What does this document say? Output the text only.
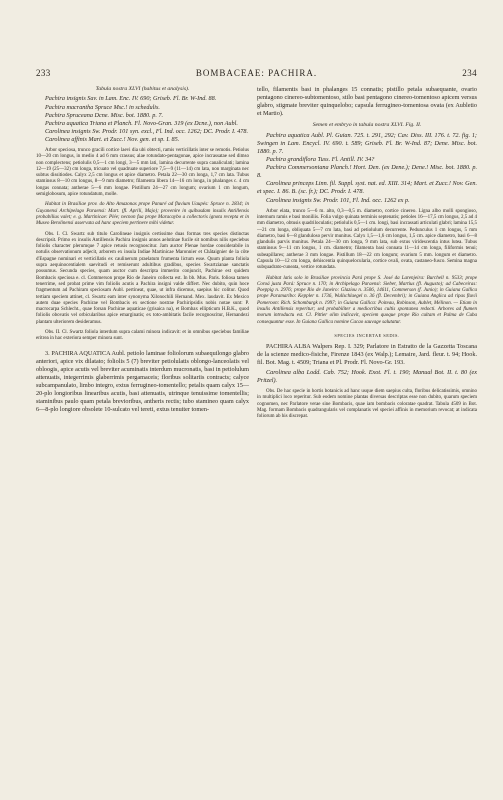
233	BOMBACEAE: PACHIRA.	234

Tabula nostra XLVI (habitus et analysis).

Pachira insignis Sav. in Lam. Enc. IV. 690; Griseb. Fl. Br. W-Ind. 88.

Pachira macrantha Spruce Msc.! in schedulis.

Pachira Spruceana Dcne. Misc. bot. 1880. p. 7.

Pachira aquatica Triana et Planch. Fl. Novo-Gran. 319 (ex Dcne.), non Aubl.

Carolinea insignis Sw. Prodr. 101 syn. excl., Fl. Ind. occ. 1262; DC. Prodr. I. 478.

Carolinea affinis Mart. et Zucc.! Nov. gen. et sp. I. 85.

Arbor speciosa, trunco gracili cortice laevi dia ubi obtecti, ramis verticillatis inter se remotis. Petiolus 10—20 cm longus, in medio 4 ad 6 mm crassus; alae rotundato-pentagonae, apice incrassatae sed dimso non complectens; petiolulis 0,5—1 cm longi, 3—5 mm lati, lamina decurrente supra canaliculati; lamina 12—19 (25—32) cm longa, tricuato vel quadruate superiore 7,5—9 (11—14) cm lata, non marginata nec subtus dissitiodes. Calyx 2,5 cm longus et apice diametro. Petala 22—30 cm longa, 1,7 cm lata. Tubus staminsus 8—10 cm longus, 8—9 mm diametro; filamenta libera 14—16 cm longa, in phalanges c. 4 cm longas connata; antherae 5—6 mm longae. Pistillum 24—27 cm longum; ovarium 1 cm longum, semiglobosum, apice rotundatum, molle.

Habitat in Brasiliae prov. do Alto Amazonas prope Panuré ad fluvium Uaupés: Spruce n. 2834; in Guyanensi Archipelago Paraensi: Mart. (fl. Aprili, Majo); provenire in quibusdam insulis Antillensis probabilius valet; e. g. Martinicae: Plée; necnon fua prope Maracaybo a collectoris ignota recepta et in Museo Berolinensi asservata ad hanc speciem pertinere mihi videtur.

Obs. I. Cl. Swartz sub titulo Carolineae insignis certissime duas formas tres species distinctas descripsit. Primo ex insulis Antillensis Pachira insignis annos aelutinae fucile sit nomibus nilis speciebus foliolis character plerumque 7 apice retusis recognoscitur. Jam auctor Plenae hordae considerabile in notulis observationum adjecit, arborem ex insula Indiae Martinicae Maronnier et Châtaignier de la côte d'Espagne nominari et verticillatis ex caulinerum praelatum frumenta lictum esse. Quum planta foliola supra aequinocentialem saevitudi et remiserunt adultibus gradibus, species Swartzianae sanctatis possumus. Secunda species, quam auctor cum descripta immerito conjuncit, Pachirae est quidem Bombacis speciosa e. cl. Commerson prope Rio de Janeiro collecta est. In bb. Mus. Paris. foliosa tamen tenerrime, sed probat prime vim foliolis acutis a Pachira insigni valde differt. Nec dubito, quin hoce fragmentum ad Pachiram speciosam Aubl. pertineat, quae, ut infra dicemus, saepius hic colitur. Quod tertiam speciem attinet, cl. Swartz eam inter synonyma Xilonochili Hernand. Mex. laudavit. Ex Mexico autem duae species Pachirae vel Bombacis ex sectione nostrae Pachiripsidis nobis notae sunt: P. macrocarpa Schlecht., quae forsan Pachirae aquaticae (grisaica na), et Bombax ellipticum H.B.K., quod foliolis obovatis vel orbicularibus apice emarginatis; ex toto-ambitatis facile recognoscitur, Hernandezi plantam ulteriorem desideramus.

Obs. II. Cl. Swartz foliola interdum supra calami minora indicavit: et in omnibus speciebus familiae eritrea in hac exteriora semper minora sunt.

3. PACHIRA AQUATICA Aubl. petiolo laminae foliolorum subaequilongo glabro anteriori, apice vix dilatato; foliolis 5 (7) breviter petiolulatis oblongo-lanceolatis vel obloogis, apice acutis vel breviter acuminatis interdum mucronatis, basi in petiolulum attenuatis, integerrimis glaberrimis pergamaceis; floribus solitariis contracts; calyce subcampanulato, limbo integro, extus ferrugineo-tomentello; petalis quam calyx 15—20-plo longioribus linearibus acutis, basi attenuatis, utrinque tenuissime tomentellis; staminibus paulo quam petala brevioribus, antheris rectis; tubo stamineo quam calyx 6—8-plo longiore obsolete 10-sulcato vel tereti, extus tenuiter tomen-

tello, filamentis basi in phalanges 15 connatis; pistillo petala subaequante, ovario pentagono cinereo-subtomentoso, stilo basi pentagono cinereo-tomentoso apicem versus glabro, stigmate breviter quinquelobo; capsula ferrugineo-tomentosa ovata (ex Aubletio et Martio).

Semen et embryo in tabula nostra XLVI. Fig. II.

Pachira aquatica Aubl. Pl. Guian. 725. t. 291, 292; Cav. Diss. III. 176. t. 72. fig. 1; Swingen in Lam. Encycl. IV. 690. t. 589; Griseb. Fl. Br. W-Ind. 87; Dene. Misc. bot. 1880. p. 7.

Pachira grandiflora Tuss. Fl. Antill. IV. 34?

Pachira Commersoniana Planch.! Hort. Den. (ex Dene.); Dene.! Misc. bot. 1880. p. 8.

Carolinea princeps Linn. fil. Suppl. syst. nat. ed. XIII. 314; Mart. et Zucc.! Nov. Gen. et spec. I. 86. B. (sc. fr.); DC. Prodr. I. 478.

Carolinea insignis Sw. Prodr. 101, Fl. Ind. occ. 1262 ex p.

Arbor elata, trunco 5—6 m. alto, 0,3—0,5 m. diametro, cortice cinereo. Ligna albo molli spongioso, internum ramis e basi moniliis. Folia vulgo quinata terminis septenatis; petioles 16—17,5 cm longus, 2,5 ad 4 mm diametro, obtusis quadriloculatis; petiolulis 0,5—1 cm. longi, basi incrassati articulati glabri; lamina 15,5—21 cm longa, obliquata 5—7 cm lata, basi ad petiolulum decurrente. Pedunculus 1 cm longus, 5 mm diametro, basi 6—8 glanduloso pervir munitus. Calyx 1,5—1,6 cm longus, 1,5 cm. apice diametro, basi 6—8 glandulis parvis munitus. Petala 24—30 cm longa, 9 mm lata, sub extus viridescentia intus lutea. Tubus staminsus 9—11 cm longus, 1 cm. diametro; filamenta basi connata 11—14 cm longa, filiformis tenui; subeapillares; antherae 3 mm longae. Pistillum 18—22 cm longum; ovarium 5 mm. longum et diametro. Capsula 10—12 cm longa, dehiscentia quinquelocularia, cortice ovali, ovata, castaneo-fusco. Semina magna subquadrato-cuneata, vertice rotundata.

Habitat latis solo in Brasiliae provincia Pará prope S. José da Larenjeira: Burchell n. 9533; prope Coroá justa Pará: Spruce n. 170; in Archipelago Paraensi: Sieber, Martius (fl. Augusto); ad Cabeceiras: Poeppig n. 2976; prope Rio de Janeiro: Glaziou n. 3506, 14611, Commerson (f. Junio); in Guiana Gallica prope Paramaribo: Keppler n. 1736, Wullschlaegel n. 36 (fl. Decembri); in Guiana Anglica ad ripas fluvii Pomeroon: Rich. Schomburgk n. 1997; in Guiana Gallica: Poiteau, Robinson, Aublet, Mélinon. — Etiam in insulis Antillensis reperitur; sed probabiliter a mediocribus cultis spontanea redocti. Arbores ad flumen morum introductu est. Cl. Pittier olim indicavit, speciem quoque prope Rio cultam et Palma de Cuba consequuntur esse. In Guiana Gallica nomine Cacao sauvage salutatur.

SPECIES INCERTAE SEDIS.

PACHIRA ALBA Walpers Rep. I. 329; Parlatore in Estratto de la Gazzetta Toscana de la scienze medico-fisiche, Firenze 1843 (ex Walp.); Lemaire, Jard. fleur. t. 94; Hook. fil. Bot. Mag. t. 4509; Triana et Pl. Prodr. Fl. Novo-Gr. 193.

Carolinea alba Lodd. Cab. 752; Hook. Exot. Fl. t. 190; Manual Bot. II. t. 80 (ex Pritzel).

Obs. De hac specie in hortis botanicis ad hanc usque diem saepius culta, floribus delicatissimis, omnino in multiplici loco reperitur. Sub eodem nomine plantas diversas descriptas esse non dubito, quarum speciem cognomen, nec Parlatore verae sine Bombacis, quae iam bombacis coloratae quadrat. Tabula 4509 in Bot. Mag. formam Bombacis quadrangularis vel complanatis vel speciei affinis in memorium revocat; at indicata foliorum ab his discrepat.
